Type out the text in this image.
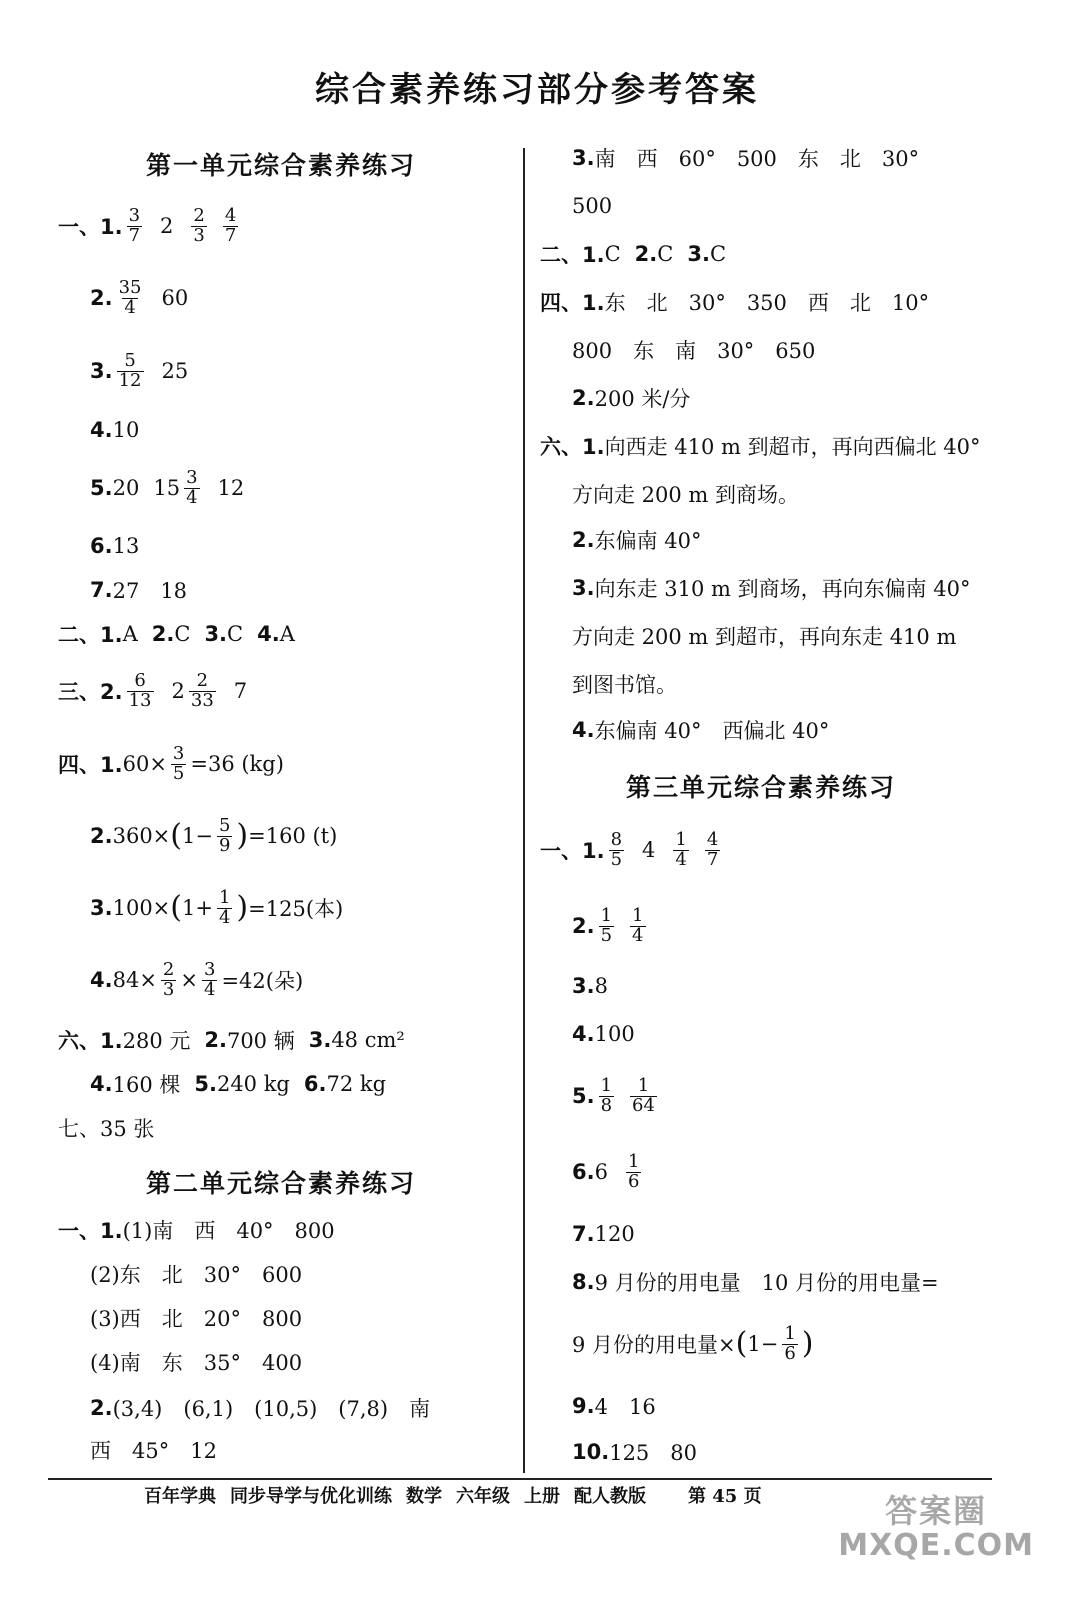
综合素养练习部分参考答案
第一单元综合素养练习
一、1. $\frac{3}{7} 2 \frac{2}{3} \frac{4}{7}$
2. $\frac{35}{4} 60$
3. $\frac{5}{12} 25$
4. 10
5. 20 $15 \frac{3}{4} 12$
6. 13
7. 27　18
二、1. A 2. C 3. C 4. A
三、2. $\frac{6}{13} 2 \frac{2}{33} 7$
四、1. $60\times \frac{3}{5} =36$ (kg)
2. 360× ( $1- \frac{5}{9}$ ) =160 (t)
3. 100× ( $1+ \frac{1}{4}$ ) =125(本)
4. $84\times \frac{2}{3} \times \frac{3}{4} =42$(朵)
六、1. 280 元 2. 700 辆 3. 48 cm²
4. 160 棵 5. 240 kg 6. 72 kg
七、35 张
第二单元综合素养练习
一、1. (1)南　西　40°　800
(2)东　北　30°　600
(3)西　北　20°　800
(4)南　东　35°　400
2. (3,4)　(6,1)　(10,5)　(7,8)　南
西　45°　12
3. 南　西　60°　500　东　北　30°
500
二、1. C 2. C 3. C
四、1. 东　北　30°　350　西　北　10°
800　东　南　30°　650
2. 200 米/分
六、1. 向西走 410 m 到超市，再向西偏北 40°
方向走 200 m 到商场。
2. 东偏南 40°
3. 向东走 310 m 到商场，再向东偏南 40°
方向走 200 m 到超市，再向东走 410 m
到图书馆。
4. 东偏南 40°　西偏北 40°
第三单元综合素养练习
一、1. $\frac{8}{5} 4 \frac{1}{4} \frac{4}{7}$
2. $\frac{1}{5} \frac{1}{4}$
3. 8
4. 100
5. $\frac{1}{8} \frac{1}{64}$
6. $6 \frac{1}{6}$
7. 120
8. 9 月份的用电量　10 月份的用电量=
9 月份的用电量× ( $1- \frac{1}{6}$ )
9. 4　16
10. 125　80
百年学典 同步导学与优化训练 数学 六年级 上册 配人教版 第 45 页	答案圈
MXQE.COM
